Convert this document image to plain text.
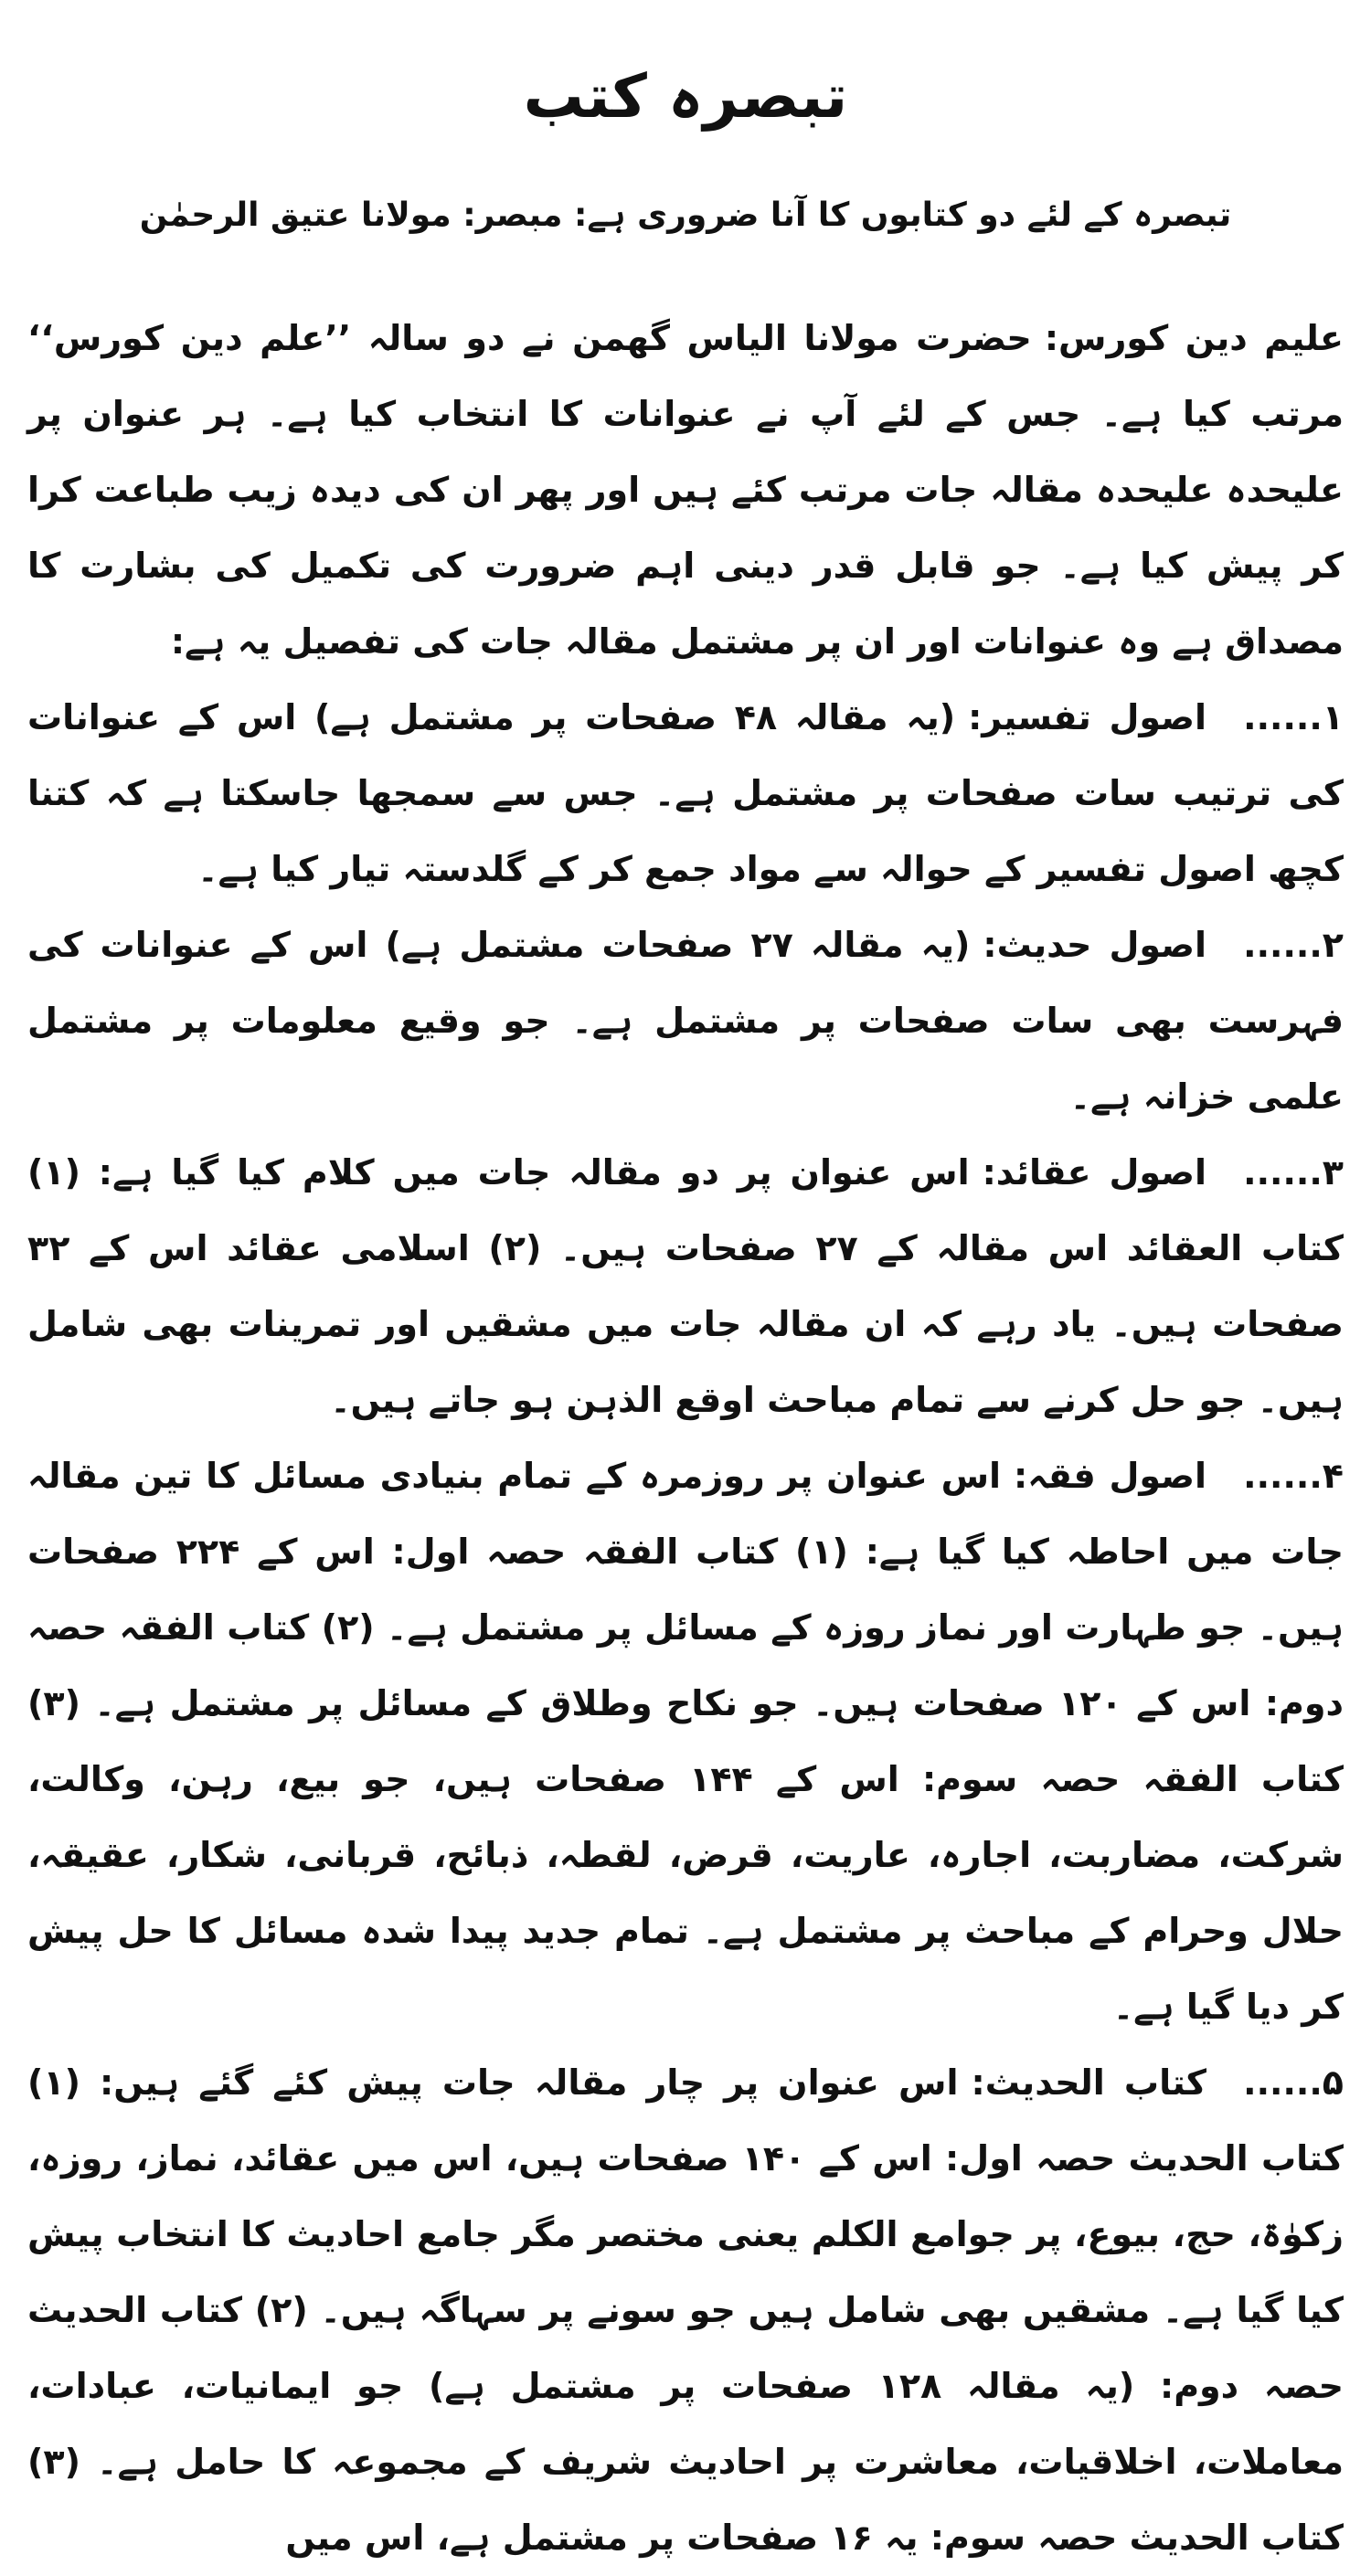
تبصرہ کتب
تبصرہ کے لئے دو کتابوں کا آنا ضروری ہے: مبصر: مولانا عتیق الرحمٰن

علیم دین کورس:حضرت مولانا الیاس گھمن نے دو سالہ ’’علم دین کورس‘‘ مرتب کیا ہے۔ جس کے لئے آپ نے عنوانات کا انتخاب کیا ہے۔ ہر عنوان پر علیحدہ علیحدہ مقالہ جات مرتب کئے ہیں اور پھر ان کی دیدہ زیب طباعت کرا کر پیش کیا ہے۔ جو قابل قدر دینی اہم ضرورت کی تکمیل کی بشارت کا مصداق ہے وہ عنوانات اور ان پر مشتمل مقالہ جات کی تفصیل یہ ہے:

۱......اصول تفسیر:(یہ مقالہ ۴۸ صفحات پر مشتمل ہے) اس کے عنوانات کی ترتیب سات صفحات پر مشتمل ہے۔ جس سے سمجھا جاسکتا ہے کہ کتنا کچھ اصول تفسیر کے حوالہ سے مواد جمع کر کے گلدستہ تیار کیا ہے۔

۲......اصول حدیث:(یہ مقالہ ۲۷ صفحات مشتمل ہے) اس کے عنوانات کی فہرست بھی سات صفحات پر مشتمل ہے۔ جو وقیع معلومات پر مشتمل علمی خزانہ ہے۔

۳......اصول عقائد:اس عنوان پر دو مقالہ جات میں کلام کیا گیا ہے: (۱) کتاب العقائد اس مقالہ کے ۲۷ صفحات ہیں۔ (۲) اسلامی عقائد اس کے ۳۲ صفحات ہیں۔ یاد رہے کہ ان مقالہ جات میں مشقیں اور تمرینات بھی شامل ہیں۔ جو حل کرنے سے تمام مباحث اوقع الذہن ہو جاتے ہیں۔

۴......اصول فقہ:اس عنوان پر روزمرہ کے تمام بنیادی مسائل کا تین مقالہ جات میں احاطہ کیا گیا ہے: (۱) کتاب الفقہ حصہ اول: اس کے ۲۲۴ صفحات ہیں۔ جو طہارت اور نماز روزہ کے مسائل پر مشتمل ہے۔ (۲) کتاب الفقہ حصہ دوم: اس کے ۱۲۰ صفحات ہیں۔ جو نکاح وطلاق کے مسائل پر مشتمل ہے۔ (۳) کتاب الفقہ حصہ سوم: اس کے ۱۴۴ صفحات ہیں، جو بیع، رہن، وکالت، شرکت، مضاربت، اجارہ، عاریت، قرض، لقطہ، ذبائح، قربانی، شکار، عقیقہ، حلال وحرام کے مباحث پر مشتمل ہے۔ تمام جدید پیدا شدہ مسائل کا حل پیش کر دیا گیا ہے۔

۵......کتاب الحدیث:اس عنوان پر چار مقالہ جات پیش کئے گئے ہیں: (۱) کتاب الحدیث حصہ اول: اس کے ۱۴۰ صفحات ہیں، اس میں عقائد، نماز، روزہ، زکوٰۃ، حج، بیوع، پر جوامع الکلم یعنی مختصر مگر جامع احادیث کا انتخاب پیش کیا گیا ہے۔ مشقیں بھی شامل ہیں جو سونے پر سہاگہ ہیں۔ (۲) کتاب الحدیث حصہ دوم: (یہ مقالہ ۱۲۸ صفحات پر مشتمل ہے) جو ایمانیات، عبادات، معاملات، اخلاقیات، معاشرت پر احادیث شریف کے مجموعہ کا حامل ہے۔ (۳) کتاب الحدیث حصہ سوم: یہ ۱۶ صفحات پر مشتمل ہے، اس میں
